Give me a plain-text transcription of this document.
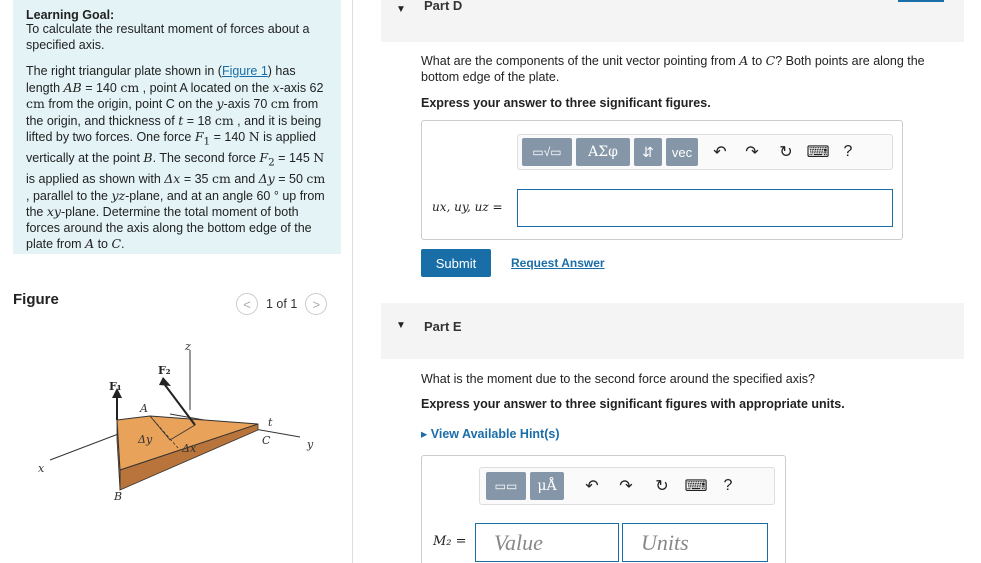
Learning Goal:
To calculate the resultant moment of forces about a specified axis.
The right triangular plate shown in (Figure 1) has length AB = 140 cm , point A located on the x-axis 62 cm from the origin, point C on the y-axis 70 cm from the origin, and thickness of t = 18 cm , and it is being lifted by two forces. One force $F_1 = 140$ N is applied vertically at the point B. The second force $F_2 = 145$ N is applied as shown with Δx = 35 cm and Δy = 50 cm , parallel to the yz-plane, and at an angle 60 ° up from the xy-plane. Determine the total moment of both forces around the axis along the bottom edge of the plate from A to C.
Figure	<	1 of 1	>
z
F₁
F₂
A
Δy
Δx
C
t
y
x
B
▼ Part D
What are the components of the unit vector pointing from A to C? Both points are along the bottom edge of the plate.
Express your answer to three significant figures.
▭√▭	ΑΣφ	⇵	vec	↶	↷	↻ ⌨ ?
ux, uy, uz =
Submit	Request Answer
▼ Part E
What is the moment due to the second force around the specified axis?
Express your answer to three significant figures with appropriate units.
▸ View Available Hint(s)
▭▭	μÅ	↶	↷	↻ ⌨	?
M₂ =	Value	Units
